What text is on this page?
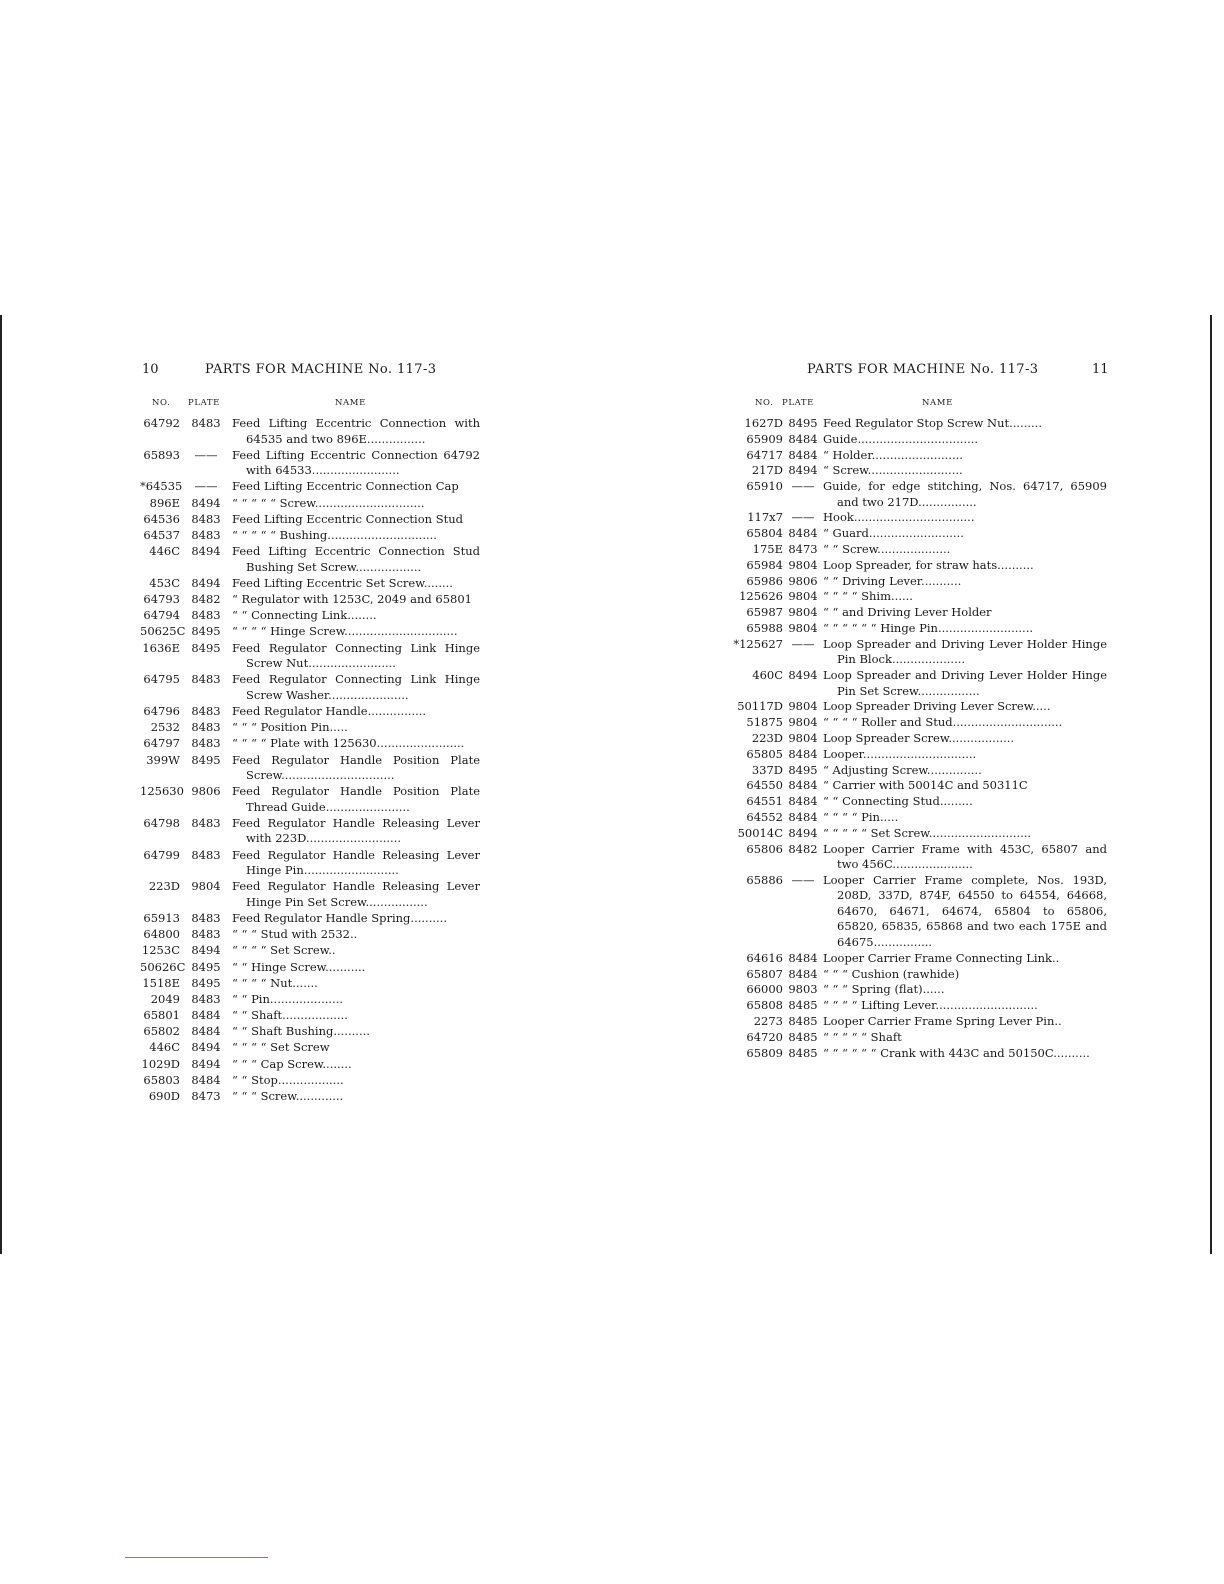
10	PARTS FOR MACHINE No. 117-3
NO. PLATE	NAME
64792 8483 Feed Lifting Eccentric Connection with 64535 and two 896E................
65893	——	Feed Lifting Eccentric Connection 64792 with 64533........................
*64535	——	Feed Lifting Eccentric Connection Cap
896E 8494 “ “ “ “ “ Screw..............................
64536 8483 Feed Lifting Eccentric Connection Stud
64537 8483 “ “ “ “ “ Bushing..............................
446C 8494 Feed Lifting Eccentric Connection Stud Bushing Set Screw..................
453C 8494 Feed Lifting Eccentric Set Screw........
64793 8482 “ Regulator with 1253C, 2049 and 65801
64794 8483 “ “ Connecting Link........
50625C 8495 “ “ “ “ Hinge Screw...............................
1636E 8495 Feed Regulator Connecting Link Hinge Screw Nut........................
64795 8483 Feed Regulator Connecting Link Hinge Screw Washer......................
64796 8483 Feed Regulator Handle................
2532 8483 “ “ “ Position Pin.....
64797 8483 “ “ “ “ Plate with 125630........................
399W 8495 Feed Regulator Handle Position Plate Screw...............................
125630 9806 Feed Regulator Handle Position Plate Thread Guide.......................
64798 8483 Feed Regulator Handle Releasing Lever with 223D..........................
64799 8483 Feed Regulator Handle Releasing Lever Hinge Pin..........................
223D 9804 Feed Regulator Handle Releasing Lever Hinge Pin Set Screw.................
65913 8483 Feed Regulator Handle Spring..........
64800 8483 “ “ “ Stud with 2532..
1253C 8494 “ “ “ “ Set Screw..
50626C 8495 “ “ Hinge Screw...........
1518E 8495 “ “ “ “ Nut.......
2049 8483 “ “ Pin....................
65801 8484 “ “ Shaft..................
65802 8484 “ “ Shaft Bushing..........
446C 8494 “ “ “ “ Set Screw
1029D 8494 “ “ “ Cap Screw........
65803 8484 “ “ Stop..................
690D 8473 “ “ “ Screw.............
PARTS FOR MACHINE No. 117-3	11
NO. PLATE	NAME
1627D 8495 Feed Regulator Stop Screw Nut.........
65909 8484 Guide.................................
64717 8484 “ Holder.........................
217D 8494 “ Screw..........................
65910 —— Guide, for edge stitching, Nos. 64717, 65909 and two 217D................
117x7 —— Hook.................................
65804 8484 “ Guard..........................
175E 8473 “ “ Screw....................
65984 9804 Loop Spreader, for straw hats..........
65986 9806 “ “ Driving Lever...........
125626 9804 “ “ “ “ Shim......
65987 9804 “ “ and Driving Lever Holder
65988 9804 “ “ “ “ “ “ Hinge Pin..........................
*125627 —— Loop Spreader and Driving Lever Holder Hinge Pin Block....................
460C 8494 Loop Spreader and Driving Lever Holder Hinge Pin Set Screw.................
50117D 9804 Loop Spreader Driving Lever Screw.....
51875 9804 “ “ “ “ Roller and Stud..............................
223D 9804 Loop Spreader Screw..................
65805 8484 Looper...............................
337D 8495 “ Adjusting Screw...............
64550 8484 “ Carrier with 50014C and 50311C
64551 8484 “ “ Connecting Stud.........
64552 8484 “ “ “ “ Pin.....
50014C 8494 “ “ “ “ “ Set Screw............................
65806 8482 Looper Carrier Frame with 453C, 65807 and two 456C......................
65886 —— Looper Carrier Frame complete, Nos. 193D, 208D, 337D, 874F, 64550 to 64554, 64668, 64670, 64671, 64674, 65804 to 65806, 65820, 65835, 65868 and two each 175E and 64675................
64616 8484 Looper Carrier Frame Connecting Link..
65807 8484 “ “ “ Cushion (rawhide)
66000 9803 “ “ “ Spring (flat)......
65808 8485 “ “ “ “ Lifting Lever............................
2273 8485 Looper Carrier Frame Spring Lever Pin..
64720 8485 “ “ “ “ “ Shaft
65809 8485 “ “ “ “ “ “ Crank with 443C and 50150C..........
